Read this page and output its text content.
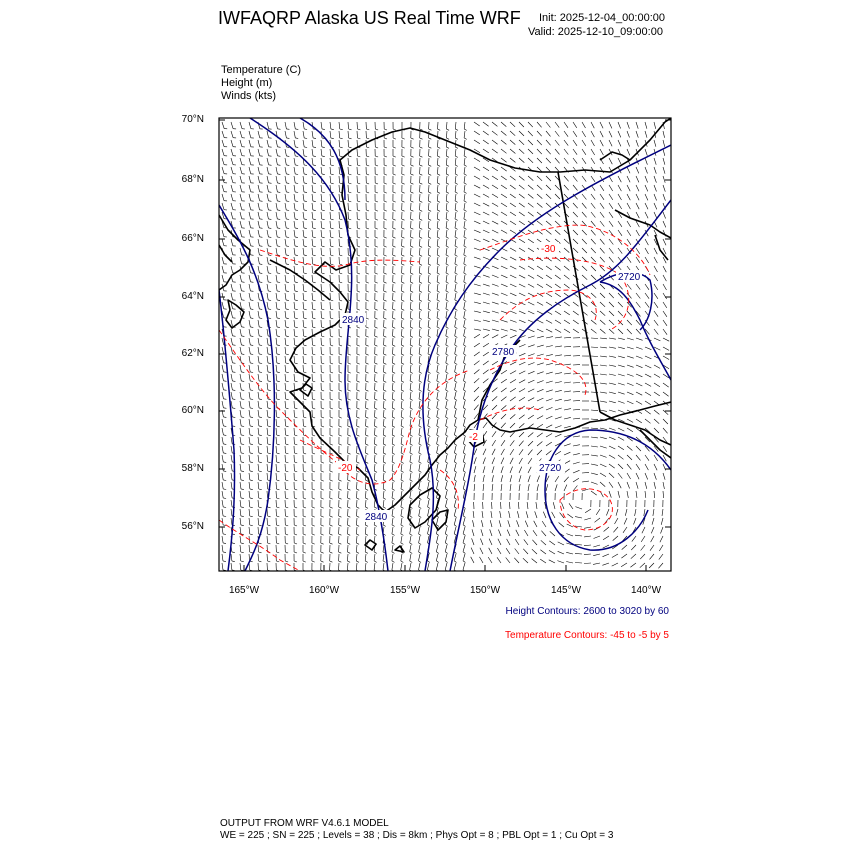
IWFAQRP Alaska US Real Time WRF Init: 2025-12-04_00:00:00
Valid: 2025-12-10_09:00:00
Temperature (C)
Height (m)
Winds (kts)
2840
2840
2780
2720
2720
-30
-2
-20
70°N
68°N
66°N
64°N
62°N
60°N
58°N
56°N
165°W	160°W	155°W	150°W	145°W	140°W
Height Contours: 2600 to 3020 by 60
Temperature Contours: -45 to -5 by 5
OUTPUT FROM WRF V4.6.1 MODEL
WE = 225 ; SN = 225 ; Levels = 38 ; Dis = 8km ; Phys Opt = 8 ; PBL Opt = 1 ; Cu Opt = 3
